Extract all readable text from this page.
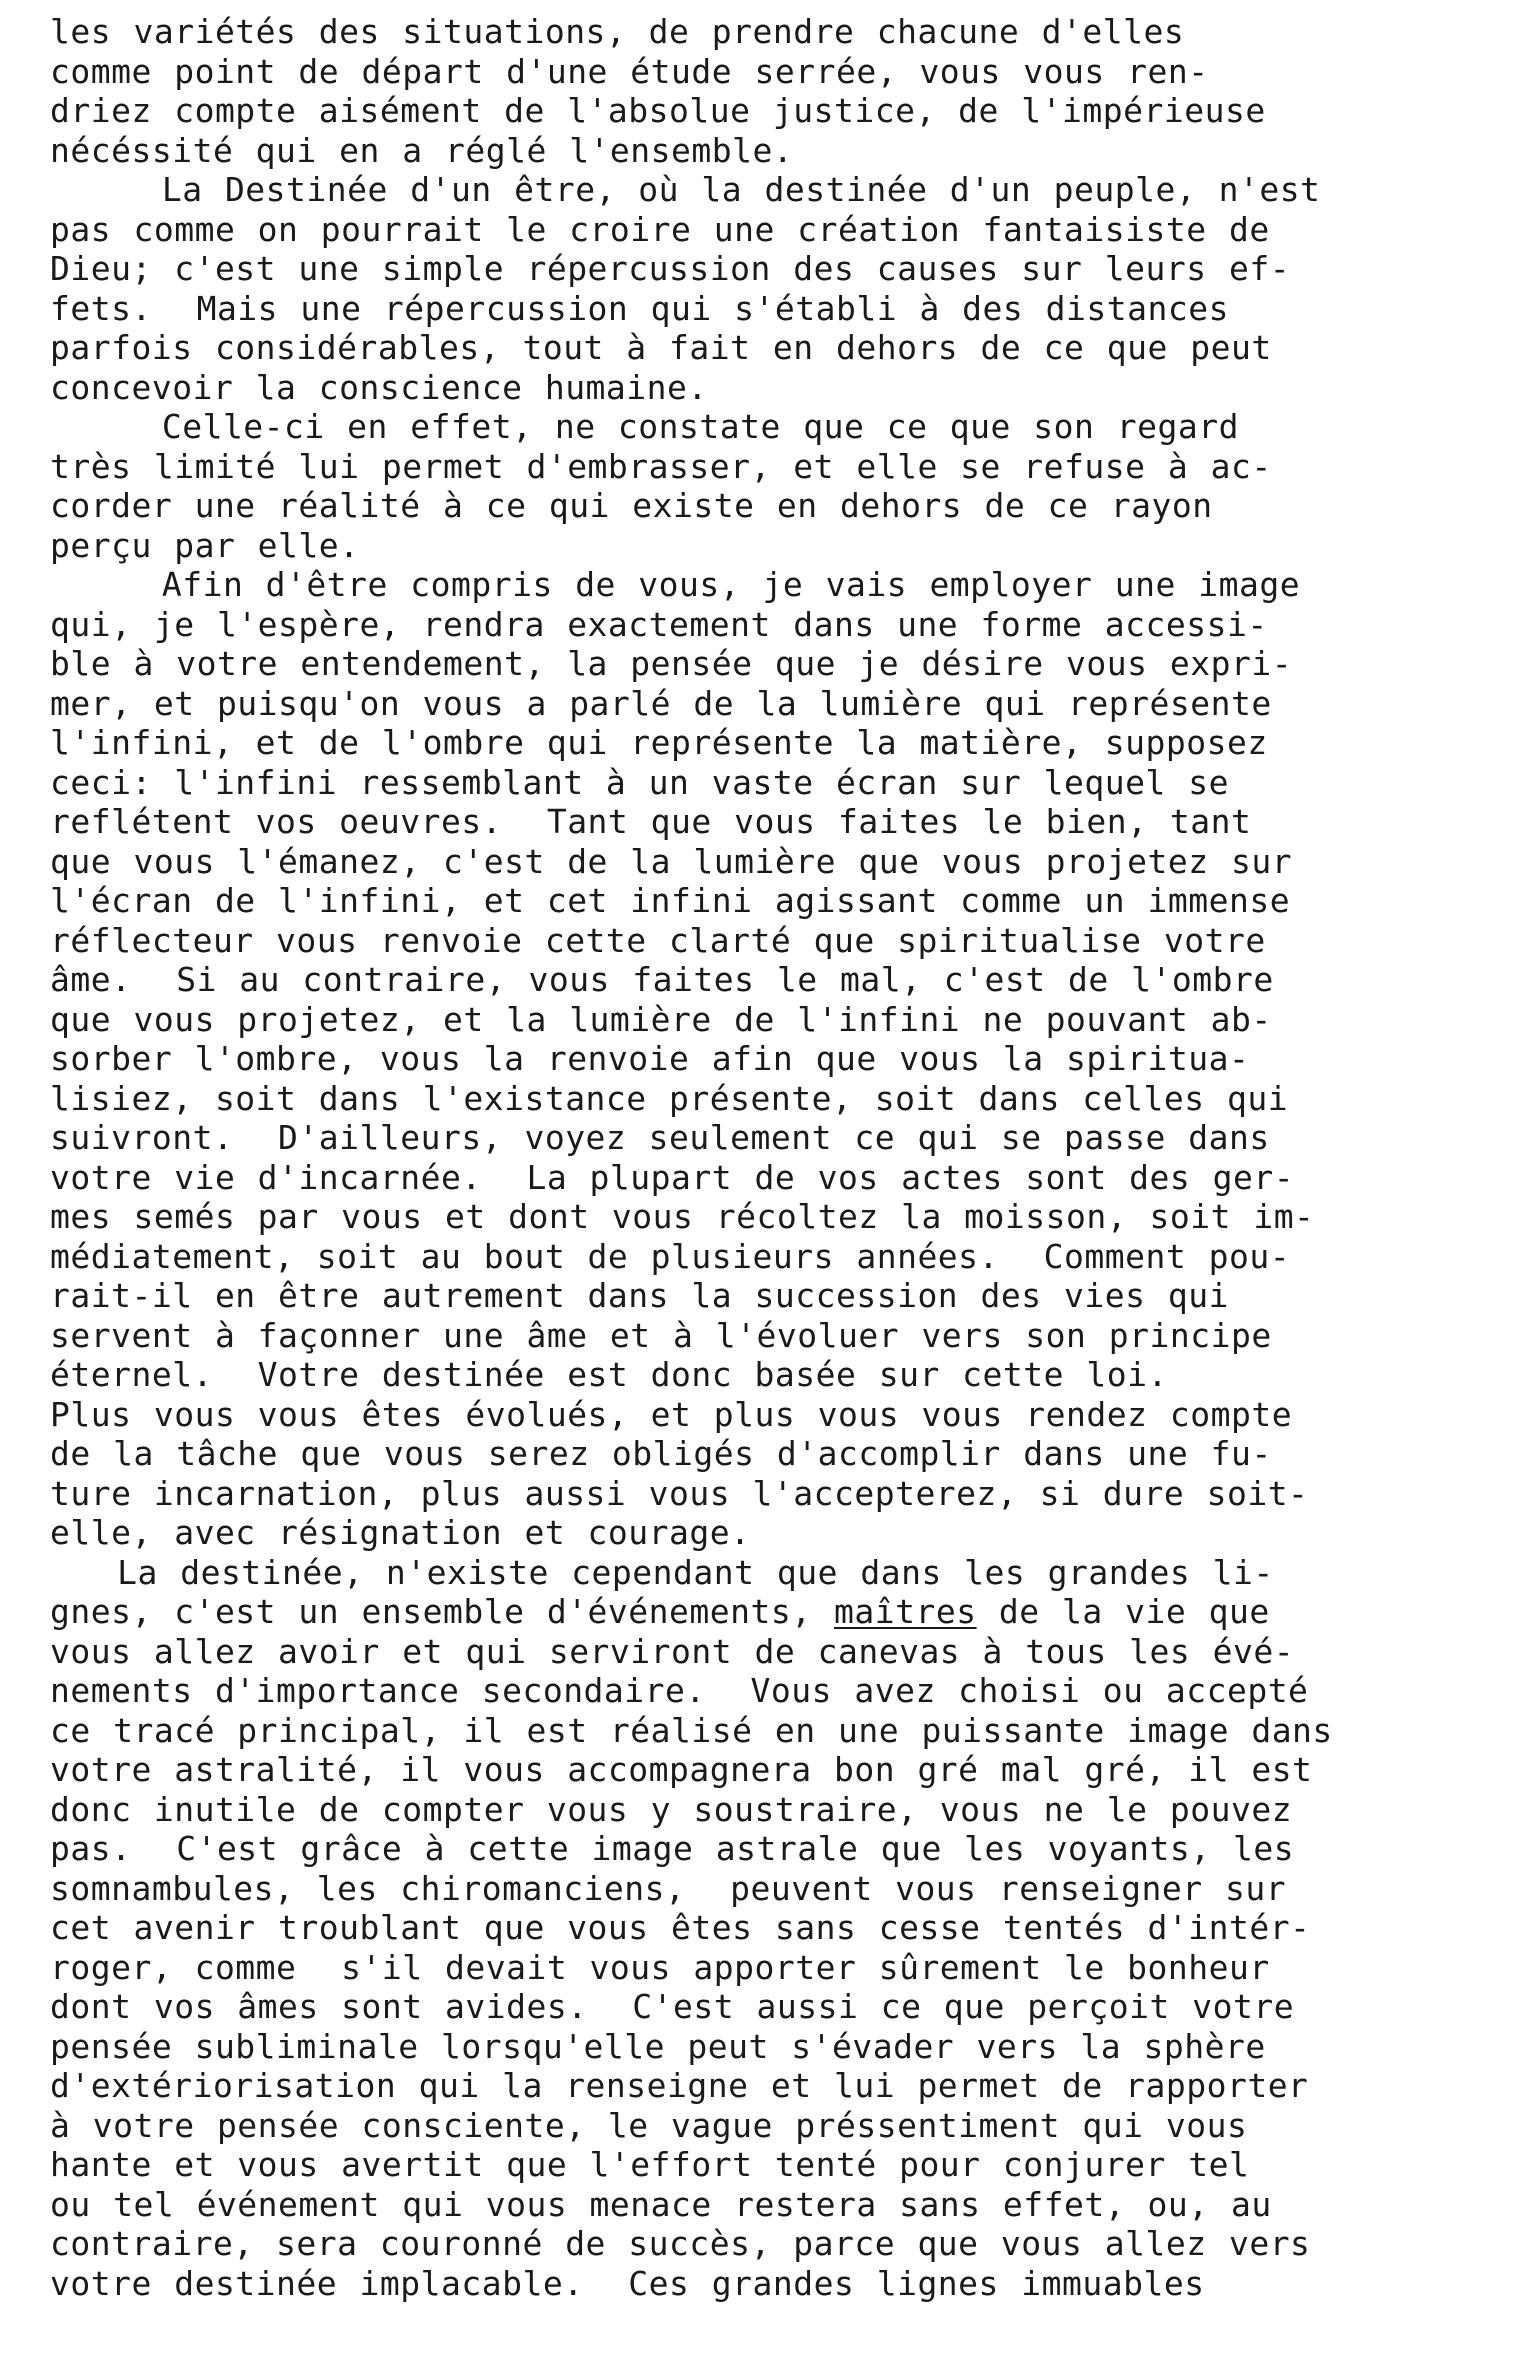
les variétés des situations, de prendre chacune d'elles
comme point de départ d'une étude serrée, vous vous ren-
driez compte aisément de l'absolue justice, de l'impérieuse
nécéssité qui en a réglé l'ensemble.
La Destinée d'un être, où la destinée d'un peuple, n'est
pas comme on pourrait le croire une création fantaisiste de
Dieu; c'est une simple répercussion des causes sur leurs ef-
fets.  Mais une répercussion qui s'établi à des distances
parfois considérables, tout à fait en dehors de ce que peut
concevoir la conscience humaine.
Celle-ci en effet, ne constate que ce que son regard
très limité lui permet d'embrasser, et elle se refuse à ac-
corder une réalité à ce qui existe en dehors de ce rayon
perçu par elle.
Afin d'être compris de vous, je vais employer une image
qui, je l'espère, rendra exactement dans une forme accessi-
ble à votre entendement, la pensée que je désire vous expri-
mer, et puisqu'on vous a parlé de la lumière qui représente
l'infini, et de l'ombre qui représente la matière, supposez
ceci: l'infini ressemblant à un vaste écran sur lequel se
reflétent vos oeuvres.  Tant que vous faites le bien, tant
que vous l'émanez, c'est de la lumière que vous projetez sur
l'écran de l'infini, et cet infini agissant comme un immense
réflecteur vous renvoie cette clarté que spiritualise votre
âme.  Si au contraire, vous faites le mal, c'est de l'ombre
que vous projetez, et la lumière de l'infini ne pouvant ab-
sorber l'ombre, vous la renvoie afin que vous la spiritua-
lisiez, soit dans l'existance présente, soit dans celles qui
suivront.  D'ailleurs, voyez seulement ce qui se passe dans
votre vie d'incarnée.  La plupart de vos actes sont des ger-
mes semés par vous et dont vous récoltez la moisson, soit im-
médiatement, soit au bout de plusieurs années.  Comment pou-
rait-il en être autrement dans la succession des vies qui
servent à façonner une âme et à l'évoluer vers son principe
éternel.  Votre destinée est donc basée sur cette loi.
Plus vous vous êtes évolués, et plus vous vous rendez compte
de la tâche que vous serez obligés d'accomplir dans une fu-
ture incarnation, plus aussi vous l'accepterez, si dure soit-
elle, avec résignation et courage.
La destinée, n'existe cependant que dans les grandes li-
gnes, c'est un ensemble d'événements, maîtres de la vie que
vous allez avoir et qui serviront de canevas à tous les évé-
nements d'importance secondaire.  Vous avez choisi ou accepté
ce tracé principal, il est réalisé en une puissante image dans
votre astralité, il vous accompagnera bon gré mal gré, il est
donc inutile de compter vous y soustraire, vous ne le pouvez
pas.  C'est grâce à cette image astrale que les voyants, les
somnambules, les chiromanciens,  peuvent vous renseigner sur
cet avenir troublant que vous êtes sans cesse tentés d'intér-
roger, comme  s'il devait vous apporter sûrement le bonheur
dont vos âmes sont avides.  C'est aussi ce que perçoit votre
pensée subliminale lorsqu'elle peut s'évader vers la sphère
d'extériorisation qui la renseigne et lui permet de rapporter
à votre pensée consciente, le vague préssentiment qui vous
hante et vous avertit que l'effort tenté pour conjurer tel
ou tel événement qui vous menace restera sans effet, ou, au
contraire, sera couronné de succès, parce que vous allez vers
votre destinée implacable.  Ces grandes lignes immuables
